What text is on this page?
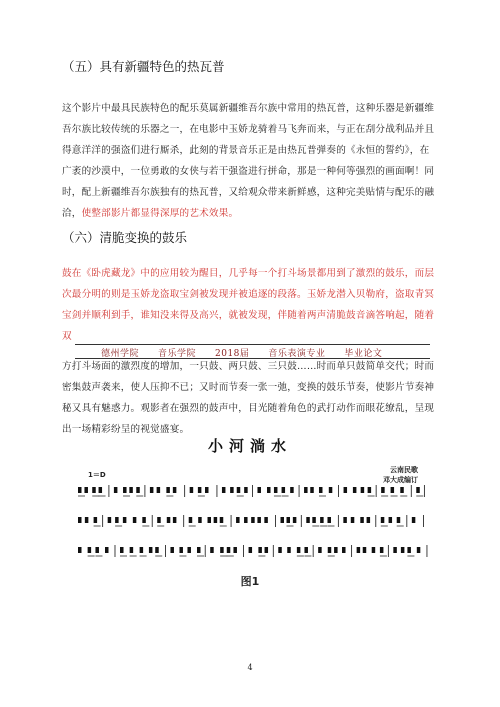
（五）具有新疆特色的热瓦普
这个影片中最具民族特色的配乐莫属新疆维吾尔族中常用的热瓦普，这种乐器是新疆维
吾尔族比较传统的乐器之一，在电影中玉娇龙骑着马飞奔而来，与正在刮分战利品并且
得意洋洋的强盗们进行厮杀，此刻的背景音乐正是由热瓦普弹奏的《永恒的誓约》，在
广袤的沙漠中，一位勇敢的女侠与若干强盗进行拼命，那是一种何等强烈的画面啊！同
时，配上新疆维吾尔族独有的热瓦普，又给观众带来新鲜感，这种完美贴情与配乐的融
洽，使整部影片都显得深厚的艺术效果。
（六）清脆变换的鼓乐
鼓在《卧虎藏龙》中的应用较为醒目，几乎每一个打斗场景都用到了激烈的鼓乐，而层
次最分明的则是玉娇龙盗取宝剑被发现并被追逐的段落。玉娇龙潜入贝勒府，盗取青冥
宝剑并顺利到手，谁知没来得及高兴，就被发现，伴随着两声清脆鼓音滴答响起，随着
双
德州学院　　音乐学院　　2018届　　音乐表演专业　　毕业论文
方打斗场面的激烈度的增加，一只鼓、两只鼓、三只鼓……时而单只鼓简单交代；时而
密集鼓声袭来，使人压抑不已；又时而节奏一张一弛，变换的鼓乐节奏，使影片节奏神
秘又具有魅惑力。观影者在强烈的鼓声中，目光随着角色的武打动作而眼花缭乱，呈现
出一场精彩纷呈的视觉盛宴。
小河淌水
云南民歌
邓大成编订
1＝D
图1
4
